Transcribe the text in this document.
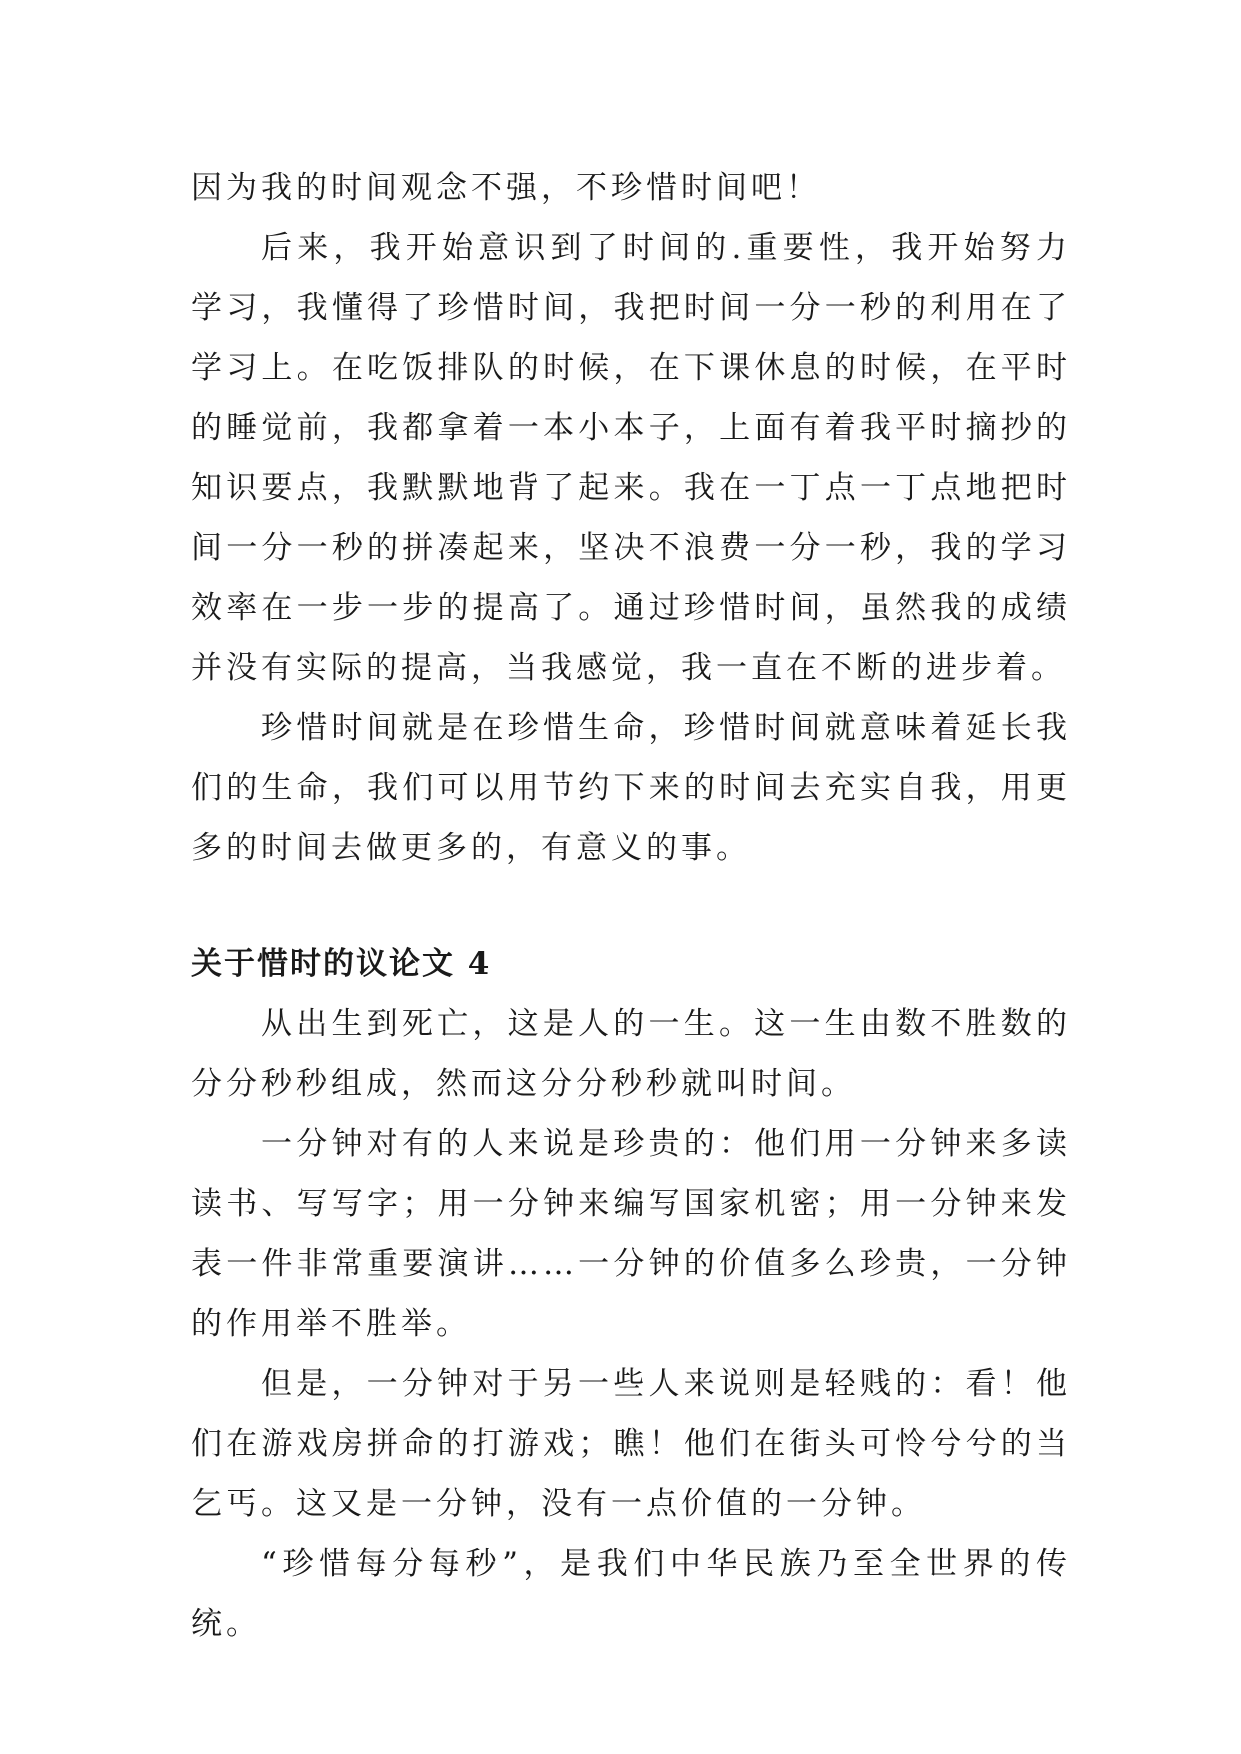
因为我的时间观念不强，不珍惜时间吧！

后来，我开始意识到了时间的.重要性，我开始努力学习，我懂得了珍惜时间，我把时间一分一秒的利用在了学习上。在吃饭排队的时候，在下课休息的时候，在平时的睡觉前，我都拿着一本小本子，上面有着我平时摘抄的知识要点，我默默地背了起来。我在一丁点一丁点地把时间一分一秒的拼凑起来，坚决不浪费一分一秒，我的学习效率在一步一步的提高了。通过珍惜时间，虽然我的成绩并没有实际的提高，当我感觉，我一直在不断的进步着。

珍惜时间就是在珍惜生命，珍惜时间就意味着延长我们的生命，我们可以用节约下来的时间去充实自我，用更多的时间去做更多的，有意义的事。

关于惜时的议论文 4

从出生到死亡，这是人的一生。这一生由数不胜数的分分秒秒组成，然而这分分秒秒就叫时间。

一分钟对有的人来说是珍贵的：他们用一分钟来多读读书、写写字；用一分钟来编写国家机密；用一分钟来发表一件非常重要演讲……一分钟的价值多么珍贵，一分钟的作用举不胜举。

但是，一分钟对于另一些人来说则是轻贱的：看！他们在游戏房拼命的打游戏；瞧！他们在街头可怜兮兮的当乞丐。这又是一分钟，没有一点价值的一分钟。

“珍惜每分每秒”，是我们中华民族乃至全世界的传统。
